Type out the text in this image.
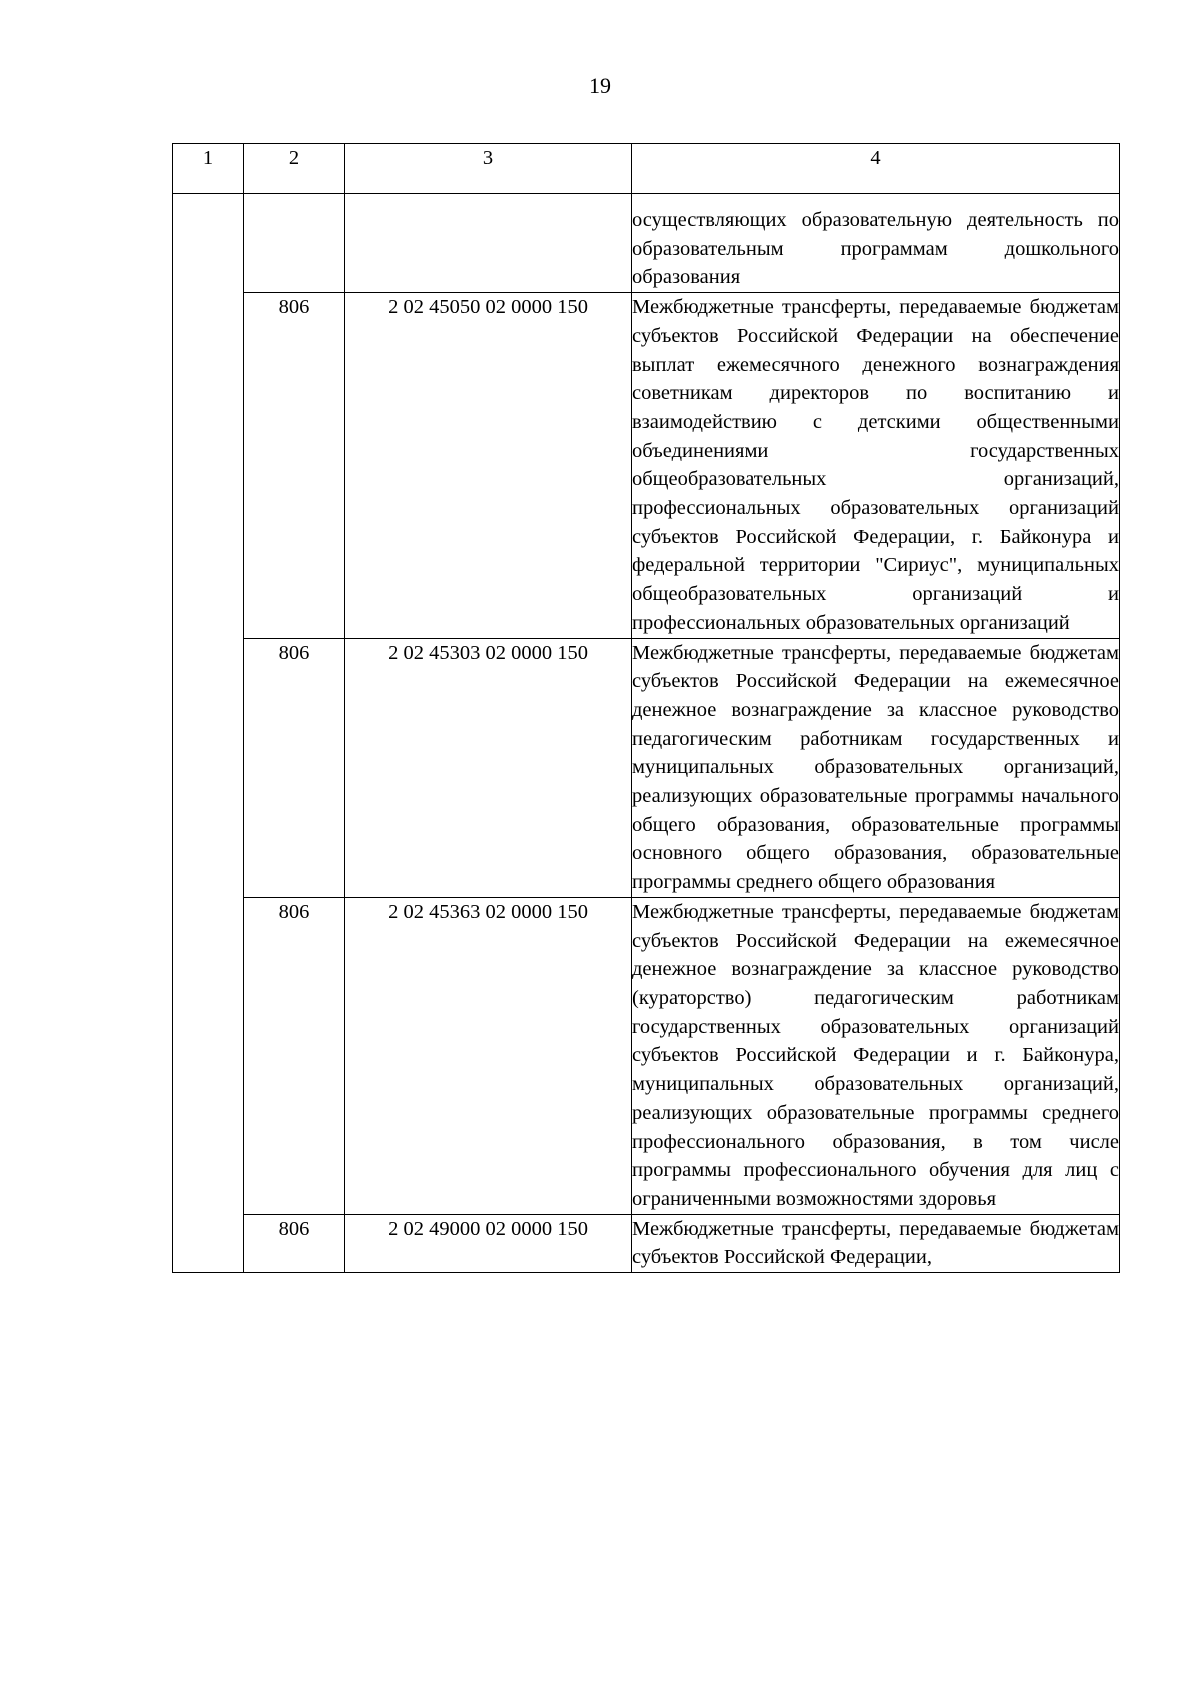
19
1	2	3	4
			осуществляющих образовательную деятельность по образовательным программам дошкольного образования
	806	2 02 45050 02 0000 150	Межбюджетные трансферты, передаваемые бюджетам субъектов Российской Федерации на обеспечение выплат ежемесячного денежного вознаграждения советникам директоров по воспитанию и взаимодействию с детскими общественными объединениями государственных общеобразовательных организаций, профессиональных образовательных организаций субъектов Российской Федерации, г. Байконура и федеральной территории "Сириус", муниципальных общеобразовательных организаций и профессиональных образовательных организаций
	806	2 02 45303 02 0000 150	Межбюджетные трансферты, передаваемые бюджетам субъектов Российской Федерации на ежемесячное денежное вознаграждение за классное руководство педагогическим работникам государственных и муниципальных образовательных организаций, реализующих образовательные программы начального общего образования, образовательные программы основного общего образования, образовательные программы среднего общего образования
	806	2 02 45363 02 0000 150	Межбюджетные трансферты, передаваемые бюджетам субъектов Российской Федерации на ежемесячное денежное вознаграждение за классное руководство (кураторство) педагогическим работникам государственных образовательных организаций субъектов Российской Федерации и г. Байконура, муниципальных образовательных организаций, реализующих образовательные программы среднего профессионального образования, в том числе программы профессионального обучения для лиц с ограниченными возможностями здоровья
	806	2 02 49000 02 0000 150	Межбюджетные трансферты, передаваемые бюджетам субъектов Российской Федерации,
